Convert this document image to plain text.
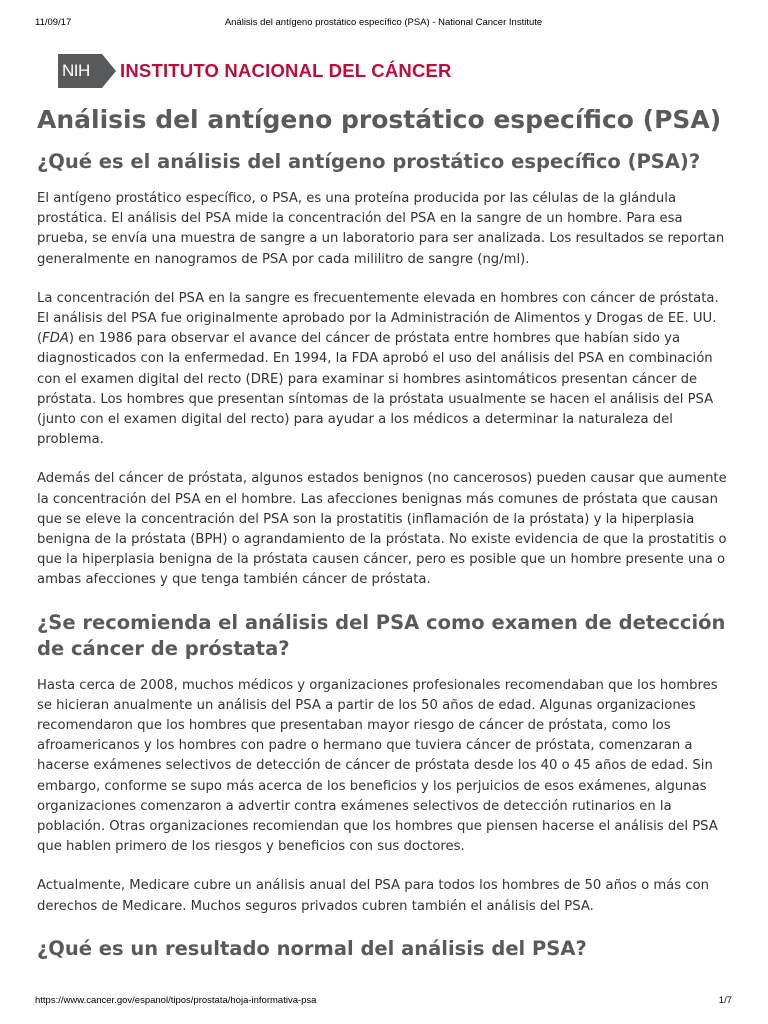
11/09/17	Análisis del antígeno prostático específico (PSA) - National Cancer Institute
NIH INSTITUTO NACIONAL DEL CÁNCER
Análisis del antígeno prostático específico (PSA)
¿Qué es el análisis del antígeno prostático específico (PSA)?

El antígeno prostático específico, o PSA, es una proteína producida por las células de la glándula prostática. El análisis del PSA mide la concentración del PSA en la sangre de un hombre. Para esa prueba, se envía una muestra de sangre a un laboratorio para ser analizada. Los resultados se reportan generalmente en nanogramos de PSA por cada mililitro de sangre (ng/ml).

La concentración del PSA en la sangre es frecuentemente elevada en hombres con cáncer de próstata. El análisis del PSA fue originalmente aprobado por la Administración de Alimentos y Drogas de EE. UU. (FDA) en 1986 para observar el avance del cáncer de próstata entre hombres que habían sido ya diagnosticados con la enfermedad. En 1994, la FDA aprobó el uso del análisis del PSA en combinación con el examen digital del recto (DRE) para examinar si hombres asintomáticos presentan cáncer de próstata. Los hombres que presentan síntomas de la próstata usualmente se hacen el análisis del PSA (junto con el examen digital del recto) para ayudar a los médicos a determinar la naturaleza del problema.

Además del cáncer de próstata, algunos estados benignos (no cancerosos) pueden causar que aumente la concentración del PSA en el hombre. Las afecciones benignas más comunes de próstata que causan que se eleve la concentración del PSA son la prostatitis (inflamación de la próstata) y la hiperplasia benigna de la próstata (BPH) o agrandamiento de la próstata. No existe evidencia de que la prostatitis o que la hiperplasia benigna de la próstata causen cáncer, pero es posible que un hombre presente una o ambas afecciones y que tenga también cáncer de próstata.

¿Se recomienda el análisis del PSA como examen de detección de cáncer de próstata?

Hasta cerca de 2008, muchos médicos y organizaciones profesionales recomendaban que los hombres se hicieran anualmente un análisis del PSA a partir de los 50 años de edad. Algunas organizaciones recomendaron que los hombres que presentaban mayor riesgo de cáncer de próstata, como los afroamericanos y los hombres con padre o hermano que tuviera cáncer de próstata, comenzaran a hacerse exámenes selectivos de detección de cáncer de próstata desde los 40 o 45 años de edad. Sin embargo, conforme se supo más acerca de los beneficios y los perjuicios de esos exámenes, algunas organizaciones comenzaron a advertir contra exámenes selectivos de detección rutinarios en la población. Otras organizaciones recomiendan que los hombres que piensen hacerse el análisis del PSA que hablen primero de los riesgos y beneficios con sus doctores.

Actualmente, Medicare cubre un análisis anual del PSA para todos los hombres de 50 años o más con derechos de Medicare. Muchos seguros privados cubren también el análisis del PSA.

¿Qué es un resultado normal del análisis del PSA?
https://www.cancer.gov/espanol/tipos/prostata/hoja-informativa-psa	1/7
